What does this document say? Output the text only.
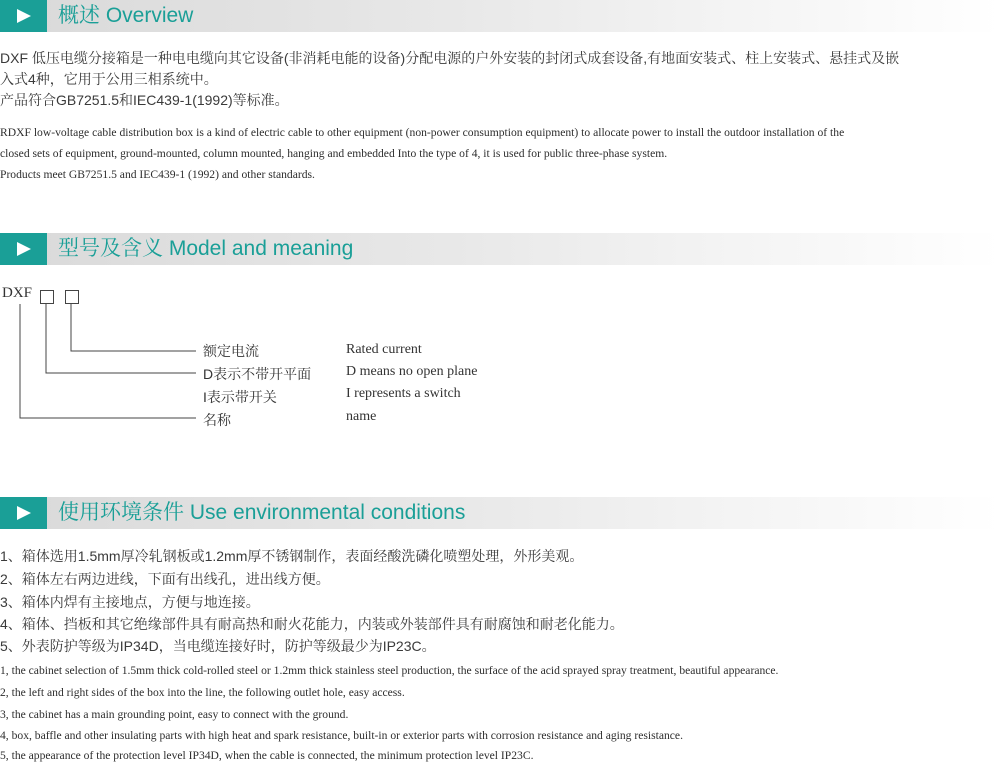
概述 Overview
DXF 低压电缆分接箱是一种电电缆向其它设备(非消耗电能的设备)分配电源的户外安装的封闭式成套设备,有地面安装式、柱上安装式、悬挂式及嵌
入式4种，它用于公用三相系统中。
产品符合GB7251.5和IEC439-1(1992)等标准。
RDXF low-voltage cable distribution box is a kind of electric cable to other equipment (non-power consumption equipment) to allocate power to install the outdoor installation of the
closed sets of equipment, ground-mounted, column mounted, hanging and embedded Into the type of 4, it is used for public three-phase system.
Products meet GB7251.5 and IEC439-1 (1992) and other standards.
型号及含义 Model and meaning
DXF
额定电流	Rated current
D表示不带开平面 D means no open plane
I表示带开关	I represents a switch
名称	name
使用环境条件 Use environmental conditions
1、箱体选用1.5mm厚冷轧钢板或1.2mm厚不锈钢制作，表面经酸洗磷化喷塑处理，外形美观。
2、箱体左右两边进线，下面有出线孔，进出线方便。
3、箱体内焊有主接地点，方便与地连接。
4、箱体、挡板和其它绝缘部件具有耐高热和耐火花能力，内装或外装部件具有耐腐蚀和耐老化能力。
5、外表防护等级为IP34D，当电缆连接好时，防护等级最少为IP23C。
1, the cabinet selection of 1.5mm thick cold-rolled steel or 1.2mm thick stainless steel production, the surface of the acid sprayed spray treatment, beautiful appearance.
2, the left and right sides of the box into the line, the following outlet hole, easy access.
3, the cabinet has a main grounding point, easy to connect with the ground.
4, box, baffle and other insulating parts with high heat and spark resistance, built-in or exterior parts with corrosion resistance and aging resistance.
5, the appearance of the protection level IP34D, when the cable is connected, the minimum protection level IP23C.
